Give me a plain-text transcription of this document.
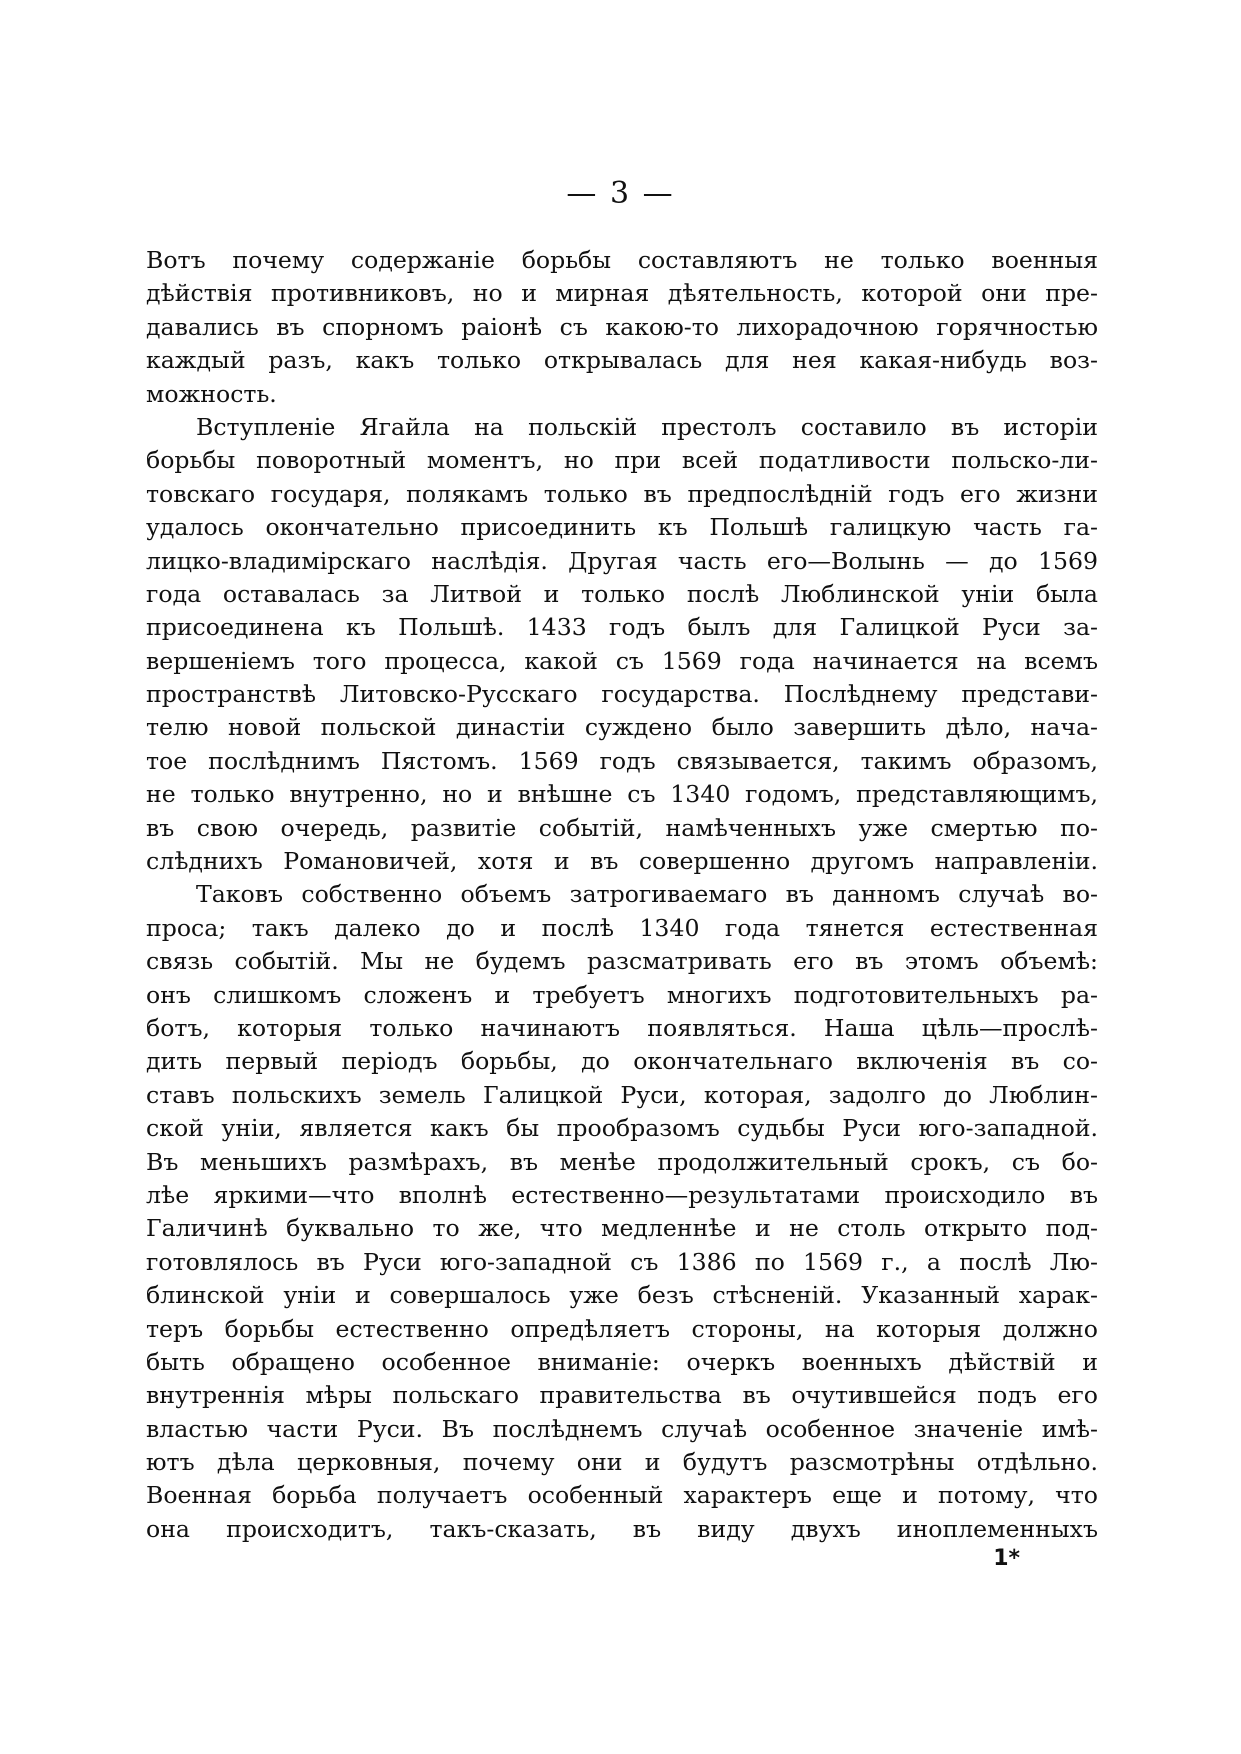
— 3 —
Вотъ почему содержаніе борьбы составляютъ не только военныя
дѣйствія противниковъ, но и мирная дѣятельность, которой они пре-
давались въ спорномъ раіонѣ съ какою-то лихорадочною горячностью
каждый разъ, какъ только открывалась для нея какая-нибудь воз-
можность.
Вступленіе Ягайла на польскій престолъ составило въ исторіи
борьбы поворотный моментъ, но при всей податливости польско-ли-
товскаго государя, полякамъ только въ предпослѣдній годъ его жизни
удалось окончательно присоединить къ Польшѣ галицкую часть га-
лицко-владимірскаго наслѣдія. Другая часть его—Волынь — до 1569
года оставалась за Литвой и только послѣ Люблинской уніи была
присоединена къ Польшѣ. 1433 годъ былъ для Галицкой Руси за-
вершеніемъ того процесса, какой съ 1569 года начинается на всемъ
пространствѣ Литовско-Русскаго государства. Послѣднему представи-
телю новой польской династіи суждено было завершить дѣло, нача-
тое послѣднимъ Пястомъ. 1569 годъ связывается, такимъ образомъ,
не только внутренно, но и внѣшне съ 1340 годомъ, представляющимъ,
въ свою очередь, развитіе событій, намѣченныхъ уже смертью по-
слѣднихъ Романовичей, хотя и въ совершенно другомъ направленіи.
Таковъ собственно объемъ затрогиваемаго въ данномъ случаѣ во-
проса; такъ далеко до и послѣ 1340 года тянется естественная
связь событій. Мы не будемъ разсматривать его въ этомъ объемѣ:
онъ слишкомъ сложенъ и требуетъ многихъ подготовительныхъ ра-
ботъ, которыя только начинаютъ появляться. Наша цѣль—прослѣ-
дить первый періодъ борьбы, до окончательнаго включенія въ со-
ставъ польскихъ земель Галицкой Руси, которая, задолго до Люблин-
ской уніи, является какъ бы прообразомъ судьбы Руси юго-западной.
Въ меньшихъ размѣрахъ, въ менѣе продолжительный срокъ, съ бо-
лѣе яркими—что вполнѣ естественно—результатами происходило въ
Галичинѣ буквально то же, что медленнѣе и не столь открыто под-
готовлялось въ Руси юго-западной съ 1386 по 1569 г., а послѣ Лю-
блинской уніи и совершалось уже безъ стѣсненій. Указанный харак-
теръ борьбы естественно опредѣляетъ стороны, на которыя должно
быть обращено особенное вниманіе: очеркъ военныхъ дѣйствій и
внутреннія мѣры польскаго правительства въ очутившейся подъ его
властью части Руси. Въ послѣднемъ случаѣ особенное значеніе имѣ-
ютъ дѣла церковныя, почему они и будутъ разсмотрѣны отдѣльно.
Военная борьба получаетъ особенный характеръ еще и потому, что
она происходитъ, такъ-сказать, въ виду двухъ иноплеменныхъ
1*
